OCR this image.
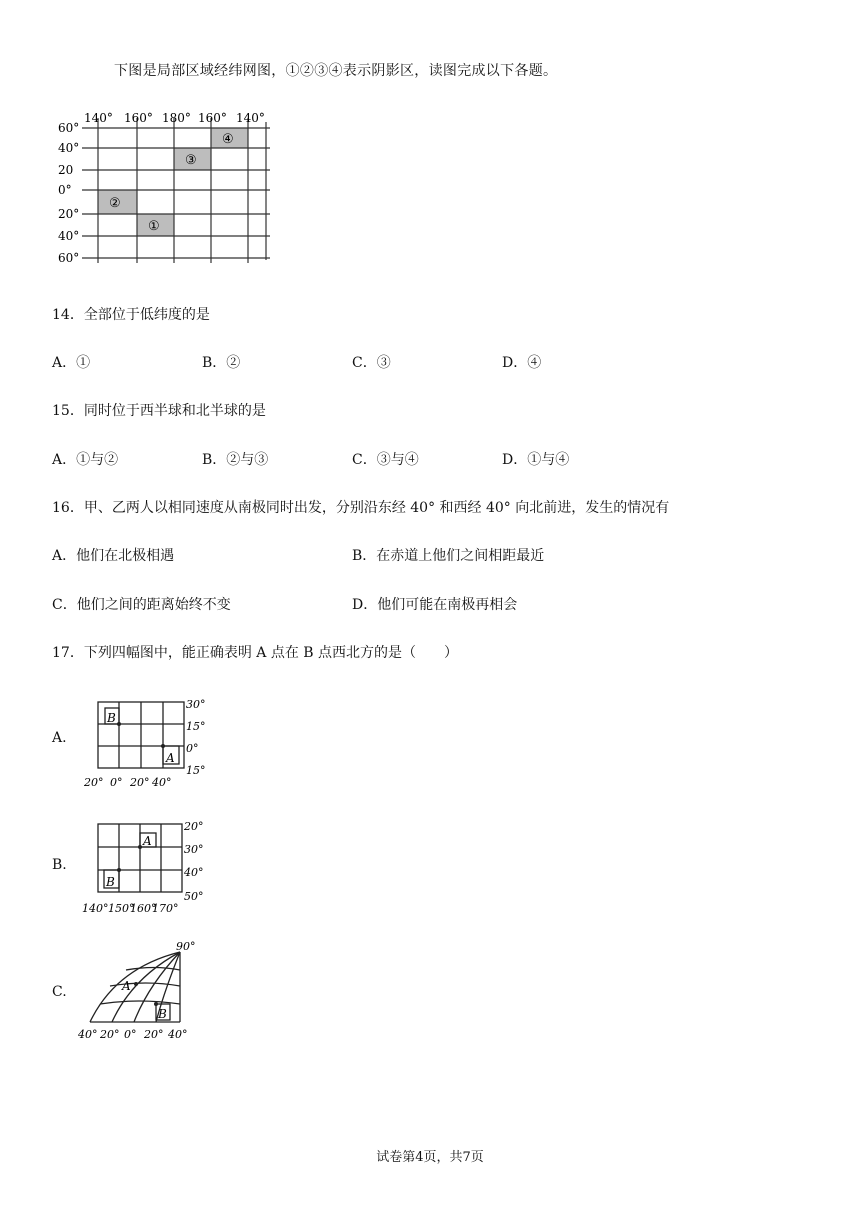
下图是局部区域经纬网图，①②③④表示阴影区，读图完成以下各题。
140° 160° 180° 160° 140°
60°
40°
20
0°
20°
40°
60°
①
②
③
④
14．全部位于低纬度的是
A．①	B．②	C．③	D．④
15．同时位于西半球和北半球的是
A．①与②	B．②与③	C．③与④	D．①与④
16．甲、乙两人以相同速度从南极同时出发，分别沿东经 40° 和西经 40° 向北前进，发生的情况有
A．他们在北极相遇	B．在赤道上他们之间相距最近
C．他们之间的距离始终不变	D．他们可能在南极再相会
17．下列四幅图中，能正确表明 A 点在 B 点西北方的是（　　）
A.
B
A
30°
15°
0°
15°
20° 0° 20° 40°
B.
A
B
20°
30°
40°
50°
140° 150°
160°
170°
C.	A
B
90°
40° 20° 0° 20° 40°
试卷第4页，共7页
